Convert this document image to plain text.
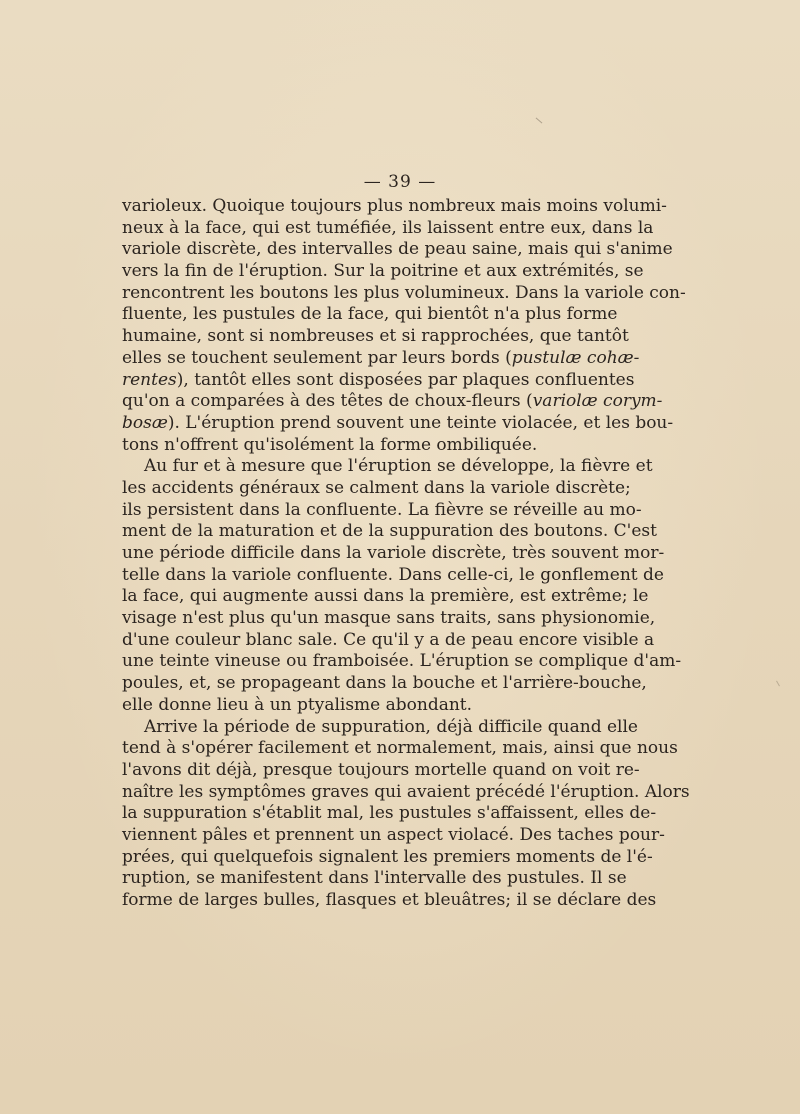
— 39 —
varioleux. Quoique toujours plus nombreux mais moins volumi-
neux à la face, qui est tuméfiée, ils laissent entre eux, dans la
variole discrète, des intervalles de peau saine, mais qui s'anime
vers la fin de l'éruption. Sur la poitrine et aux extrémités, se
rencontrent les boutons les plus volumineux. Dans la variole con-
fluente, les pustules de la face, qui bientôt n'a plus forme
humaine, sont si nombreuses et si rapprochées, que tantôt
elles se touchent seulement par leurs bords (pustulæ cohæ-
rentes), tantôt elles sont disposées par plaques confluentes
qu'on a comparées à des têtes de choux-fleurs (variolæ corym-
bosæ). L'éruption prend souvent une teinte violacée, et les bou-
tons n'offrent qu'isolément la forme ombiliquée.
Au fur et à mesure que l'éruption se développe, la fièvre et
les accidents généraux se calment dans la variole discrète;
ils persistent dans la confluente. La fièvre se réveille au mo-
ment de la maturation et de la suppuration des boutons. C'est
une période difficile dans la variole discrète, très souvent mor-
telle dans la variole confluente. Dans celle-ci, le gonflement de
la face, qui augmente aussi dans la première, est extrême; le
visage n'est plus qu'un masque sans traits, sans physionomie,
d'une couleur blanc sale. Ce qu'il y a de peau encore visible a
une teinte vineuse ou framboisée. L'éruption se complique d'am-
poules, et, se propageant dans la bouche et l'arrière-bouche,
elle donne lieu à un ptyalisme abondant.
Arrive la période de suppuration, déjà difficile quand elle
tend à s'opérer facilement et normalement, mais, ainsi que nous
l'avons dit déjà, presque toujours mortelle quand on voit re-
naître les symptômes graves qui avaient précédé l'éruption. Alors
la suppuration s'établit mal, les pustules s'affaissent, elles de-
viennent pâles et prennent un aspect violacé. Des taches pour-
prées, qui quelquefois signalent les premiers moments de l'é-
ruption, se manifestent dans l'intervalle des pustules. Il se
forme de larges bulles, flasques et bleuâtres; il se déclare des
